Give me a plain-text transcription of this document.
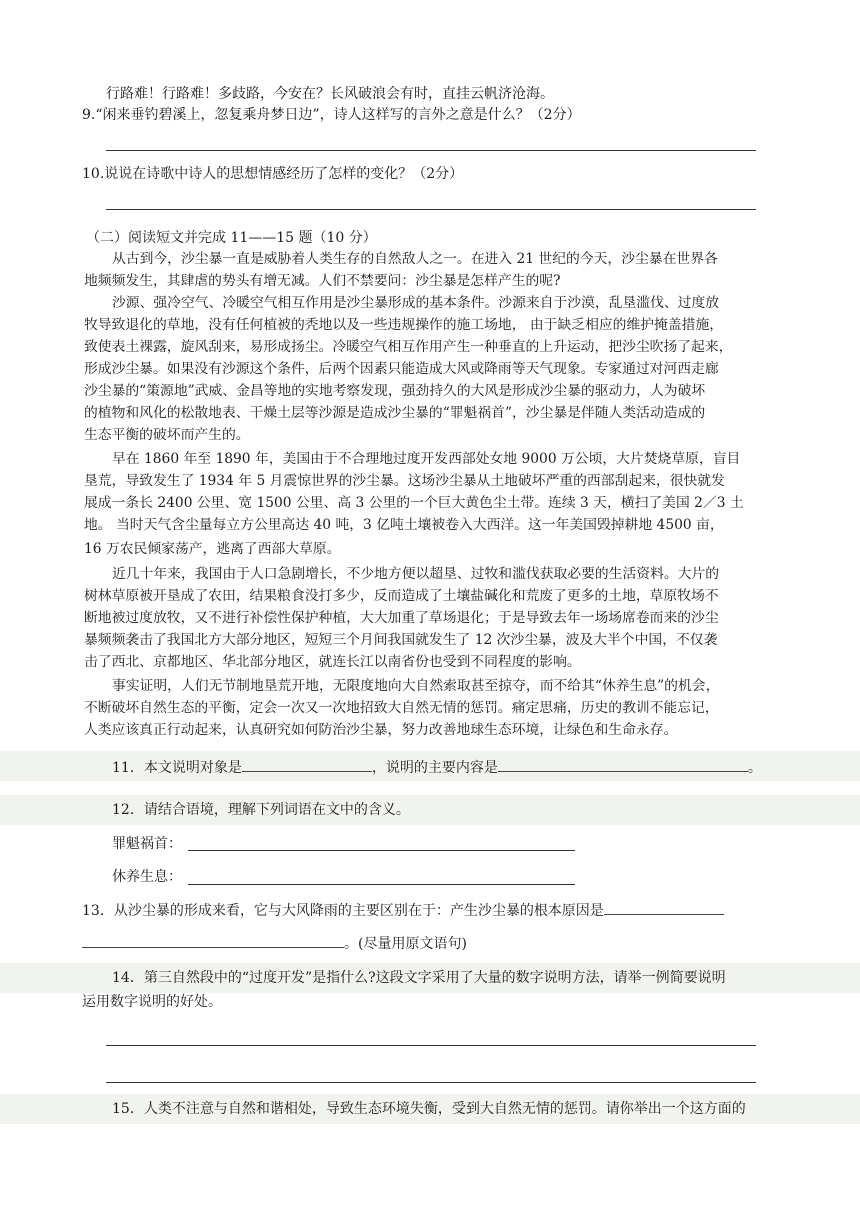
行路难！行路难！多歧路，今安在？长风破浪会有时，直挂云帆济沧海。
9.“闲来垂钓碧溪上，忽复乘舟梦日边”，诗人这样写的言外之意是什么？（2分）
10.说说在诗歌中诗人的思想情感经历了怎样的变化？（2分）
（二）阅读短文并完成 11——15 题（10 分）
从古到今，沙尘暴一直是威胁着人类生存的自然敌人之一。在进入 21 世纪的今天，沙尘暴在世界各
地频频发生，其肆虐的势头有增无减。人们不禁要问：沙尘暴是怎样产生的呢?
沙源、强冷空气、冷暖空气相互作用是沙尘暴形成的基本条件。沙源来自于沙漠，乱垦滥伐、过度放
牧导致退化的草地，没有任何植被的秃地以及一些违规操作的施工场地， 由于缺乏相应的维护掩盖措施，
致使表土裸露，旋风刮来，易形成扬尘。冷暖空气相互作用产生一种垂直的上升运动，把沙尘吹扬了起来，
形成沙尘暴。如果没有沙源这个条件，后两个因素只能造成大风或降雨等天气现象。专家通过对河西走廊
沙尘暴的“策源地”武威、金昌等地的实地考察发现，强劲持久的大风是形成沙尘暴的驱动力，人为破坏
的植物和风化的松散地表、干燥土层等沙源是造成沙尘暴的“罪魁祸首”，沙尘暴是伴随人类活动造成的
生态平衡的破坏而产生的。
早在 1860 年至 1890 年，美国由于不合理地过度开发西部处女地 9000 万公顷，大片焚烧草原，盲目
垦荒，导致发生了 1934 年 5 月震惊世界的沙尘暴。这场沙尘暴从土地破坏严重的西部刮起来，很快就发
展成一条长 2400 公里、宽 1500 公里、高 3 公里的一个巨大黄色尘土带。连续 3 天，横扫了美国 2／3 土
地。 当时天气含尘量每立方公里高达 40 吨，3 亿吨土壤被卷入大西洋。这一年美国毁掉耕地 4500 亩，
16 万农民倾家荡产，逃离了西部大草原。
近几十年来，我国由于人口急剧增长，不少地方便以超垦、过牧和滥伐获取必要的生活资料。大片的
树林草原被开垦成了农田，结果粮食没打多少，反而造成了土壤盐碱化和荒废了更多的土地，草原牧场不
断地被过度放牧，又不进行补偿性保护种植，大大加重了草场退化；于是导致去年一场场席卷而来的沙尘
暴频频袭击了我国北方大部分地区，短短三个月间我国就发生了 12 次沙尘暴，波及大半个中国，不仅袭
击了西北、京都地区、华北部分地区，就连长江以南省份也受到不同程度的影响。
事实证明，人们无节制地垦荒开地，无限度地向大自然索取甚至掠夺，而不给其“休养生息”的机会，
不断破坏自然生态的平衡，定会一次又一次地招致大自然无情的惩罚。痛定思痛，历史的教训不能忘记，
人类应该真正行动起来，认真研究如何防治沙尘暴，努力改善地球生态环境，让绿色和生命永存。
11．本文说明对象是	，说明的主要内容是	。
12．请结合语境，理解下列词语在文中的含义。
罪魁祸首：
休养生息：
13．从沙尘暴的形成来看，它与大风降雨的主要区别在于：产生沙尘暴的根本原因是
。(尽量用原文语句)
14．第三自然段中的“过度开发”是指什么?这段文字采用了大量的数字说明方法，请举一例简要说明
运用数字说明的好处。
15．人类不注意与自然和谐相处，导致生态环境失衡，受到大自然无情的惩罚。请你举出一个这方面的
